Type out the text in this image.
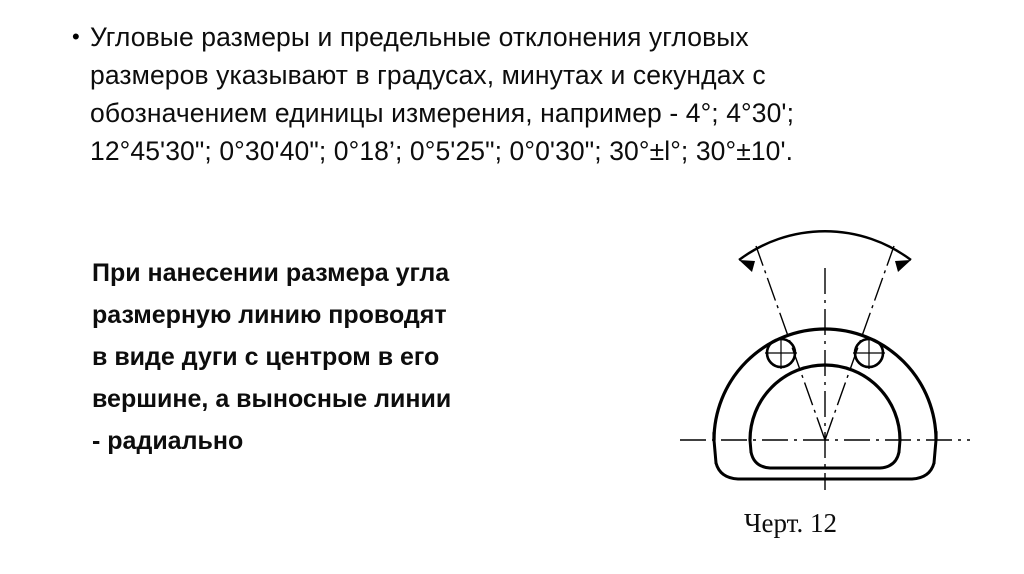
• Угловые размеры и предельные отклонения угловых размеров указывают в градусах, минутах и секундах с обозначением единицы измерения, например - 4°; 4°30'; 12°45'30"; 0°30'40"; 0°18’; 0°5'25"; 0°0'30"; 30°±l°; 30°±10'.
При нанесении размера угла
размерную линию проводят
в виде дуги с центром в его
вершине, а выносные линии
- радиально
Черт. 12
